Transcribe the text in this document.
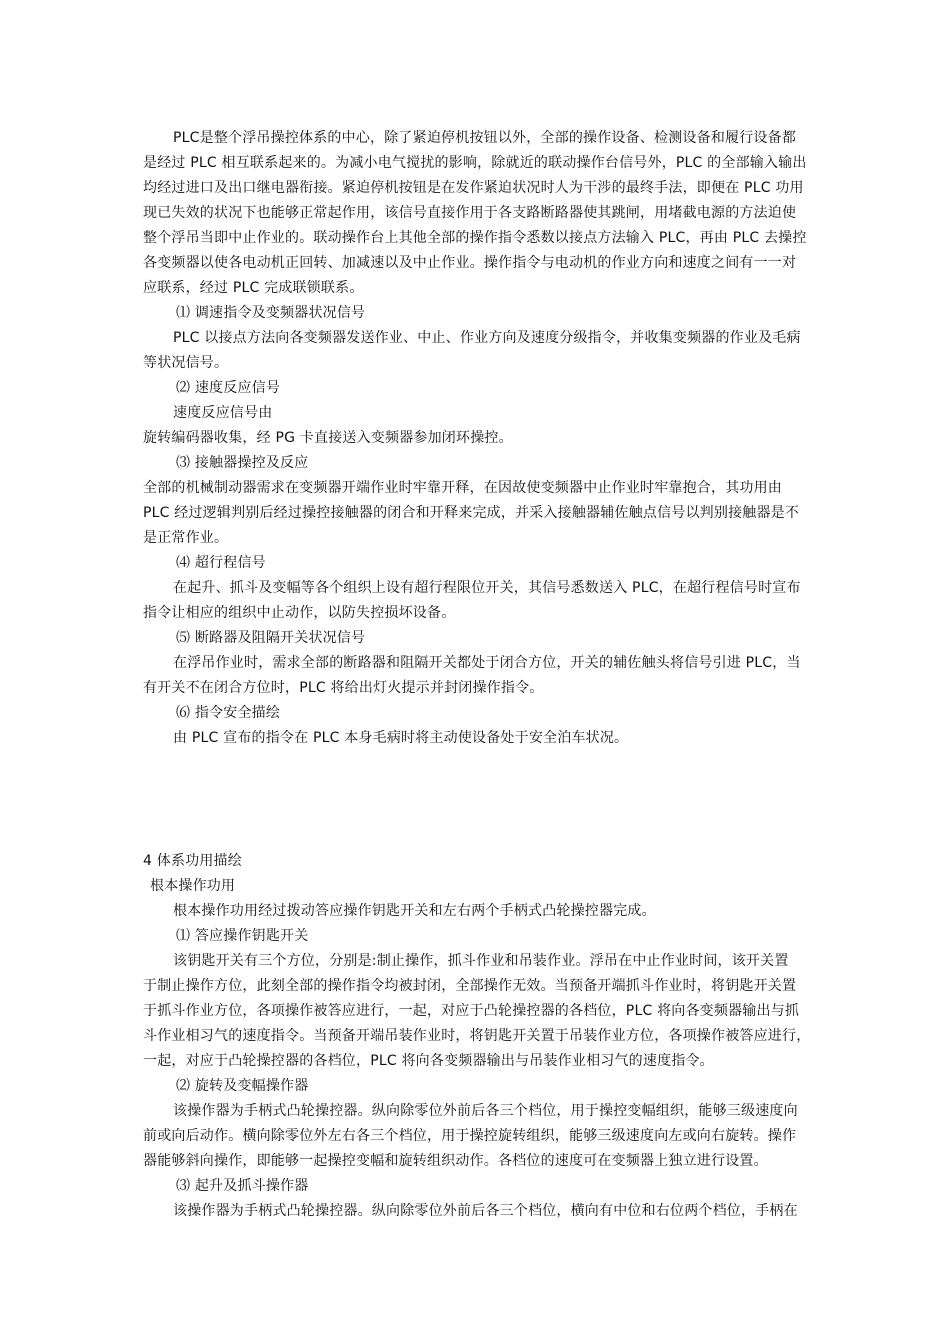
PLC是整个浮吊操控体系的中心，除了紧迫停机按钮以外，全部的操作设备、检测设备和履行设备都
是经过 PLC 相互联系起来的。为减小电气搅扰的影响，除就近的联动操作台信号外，PLC 的全部输入输出
均经过进口及出口继电器衔接。紧迫停机按钮是在发作紧迫状况时人为干涉的最终手法，即便在 PLC 功用
现已失效的状况下也能够正常起作用，该信号直接作用于各支路断路器使其跳闸，用堵截电源的方法迫使
整个浮吊当即中止作业的。联动操作台上其他全部的操作指令悉数以接点方法输入 PLC，再由 PLC 去操控
各变频器以使各电动机正回转、加减速以及中止作业。操作指令与电动机的作业方向和速度之间有一一对
应联系，经过 PLC 完成联锁联系。
⑴ 调速指令及变频器状况信号
PLC 以接点方法向各变频器发送作业、中止、作业方向及速度分级指令，并收集变频器的作业及毛病
等状况信号。
⑵ 速度反应信号
速度反应信号由
旋转编码器收集，经 PG 卡直接送入变频器参加闭环操控。
⑶ 接触器操控及反应
全部的机械制动器需求在变频器开端作业时牢靠开释，在因故使变频器中止作业时牢靠抱合，其功用由
PLC 经过逻辑判别后经过操控接触器的闭合和开释来完成，并采入接触器辅佐触点信号以判别接触器是不
是正常作业。
⑷ 超行程信号
在起升、抓斗及变幅等各个组织上设有超行程限位开关，其信号悉数送入 PLC，在超行程信号时宣布
指令让相应的组织中止动作，以防失控损坏设备。
⑸ 断路器及阻隔开关状况信号
在浮吊作业时，需求全部的断路器和阻隔开关都处于闭合方位，开关的辅佐触头将信号引进 PLC，当
有开关不在闭合方位时，PLC 将给出灯火提示并封闭操作指令。
⑹ 指令安全描绘
由 PLC 宣布的指令在 PLC 本身毛病时将主动使设备处于安全泊车状况。
4 体系功用描绘
根本操作功用
根本操作功用经过拨动答应操作钥匙开关和左右两个手柄式凸轮操控器完成。
⑴ 答应操作钥匙开关
该钥匙开关有三个方位，分别是:制止操作，抓斗作业和吊装作业。浮吊在中止作业时间，该开关置
于制止操作方位，此刻全部的操作指令均被封闭，全部操作无效。当预备开端抓斗作业时，将钥匙开关置
于抓斗作业方位，各项操作被答应进行，一起，对应于凸轮操控器的各档位，PLC 将向各变频器输出与抓
斗作业相习气的速度指令。当预备开端吊装作业时，将钥匙开关置于吊装作业方位，各项操作被答应进行，
一起，对应于凸轮操控器的各档位，PLC 将向各变频器输出与吊装作业相习气的速度指令。
⑵ 旋转及变幅操作器
该操作器为手柄式凸轮操控器。纵向除零位外前后各三个档位，用于操控变幅组织，能够三级速度向
前或向后动作。横向除零位外左右各三个档位，用于操控旋转组织，能够三级速度向左或向右旋转。操作
器能够斜向操作，即能够一起操控变幅和旋转组织动作。各档位的速度可在变频器上独立进行设置。
⑶ 起升及抓斗操作器
该操作器为手柄式凸轮操控器。纵向除零位外前后各三个档位，横向有中位和右位两个档位，手柄在
